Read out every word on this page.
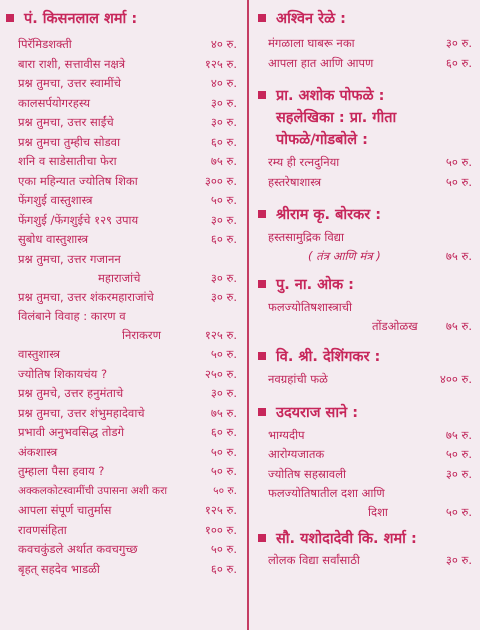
पं. किसनलाल शर्मा :
पिरॅमिडशक्ती	४० रु.
बारा राशी, सत्तावीस नक्षत्रे	१२५ रु.
प्रश्न तुमचा, उत्तर स्वामींचे	४० रु.
कालसर्पयोगरहस्य	३० रु.
प्रश्न तुमचा, उत्तर साईंचे	३० रु.
प्रश्न तुमचा तुम्हीच सोडवा	६० रु.
शनि व साडेसातीचा फेरा	७५ रु.
एका महिन्यात ज्योतिष शिका	३०० रु.
फेंगशुई वास्तुशास्त्र	५० रु.
फेंगशुई /फेंगशुईचे १२९ उपाय	३० रु.
सुबोध वास्तुशास्त्र	६० रु.
प्रश्न तुमचा, उत्तर गजानन
महाराजांचे	३० रु.
प्रश्न तुमचा, उत्तर शंकरमहाराजांचे	३० रु.
विलंबाने विवाह : कारण व
निराकरण	१२५ रु.
वास्तुशास्त्र	५० रु.
ज्योतिष शिकायचंय ?	२५० रु.
प्रश्न तुमचे, उत्तर हनुमंताचे	३० रु.
प्रश्न तुमचा, उत्तर शंभुमहादेवाचे	७५ रु.
प्रभावी अनुभवसिद्ध तोडगे	६० रु.
अंकशास्त्र	५० रु.
तुम्हाला पैसा हवाय ?	५० रु.
अक्कलकोटस्वामींची उपासना अशी करा	५० रु.
आपला संपूर्ण चातुर्मास	१२५ रु.
रावणसंहिता	१०० रु.
कवचकुंडले अर्थात कवचगुच्छ	५० रु.
बृहत् सहदेव भाडळी	६० रु.
अश्विन रेळे :
मंगळाला घाबरू नका	३० रु.
आपला हात आणि आपण	६० रु.
प्रा. अशोक पोफळे :
सहलेखिका : प्रा. गीता
पोफळे/गोडबोले :
रम्य ही रत्नदुनिया	५० रु.
हस्तरेषाशास्त्र	५० रु.
श्रीराम कृ. बोरकर :
हस्तसामुद्रिक विद्या
( तंत्र आणि मंत्र )	७५ रु.
पु. ना. ओक :
फलज्योतिषशास्त्राची
तोंडओळख ७५ रु.
वि. श्री. देशिंगकर :
नवग्रहांची फळे	४०० रु.
उदयराज साने :
भाग्यदीप	७५ रु.
आरोग्यजातक	५० रु.
ज्योतिष सहस्रावली	३० रु.
फलज्योतिषातील दशा आणि
दिशा	५० रु.
सौ. यशोदादेवी कि. शर्मा :
लोलक विद्या सर्वांसाठी	३० रु.
